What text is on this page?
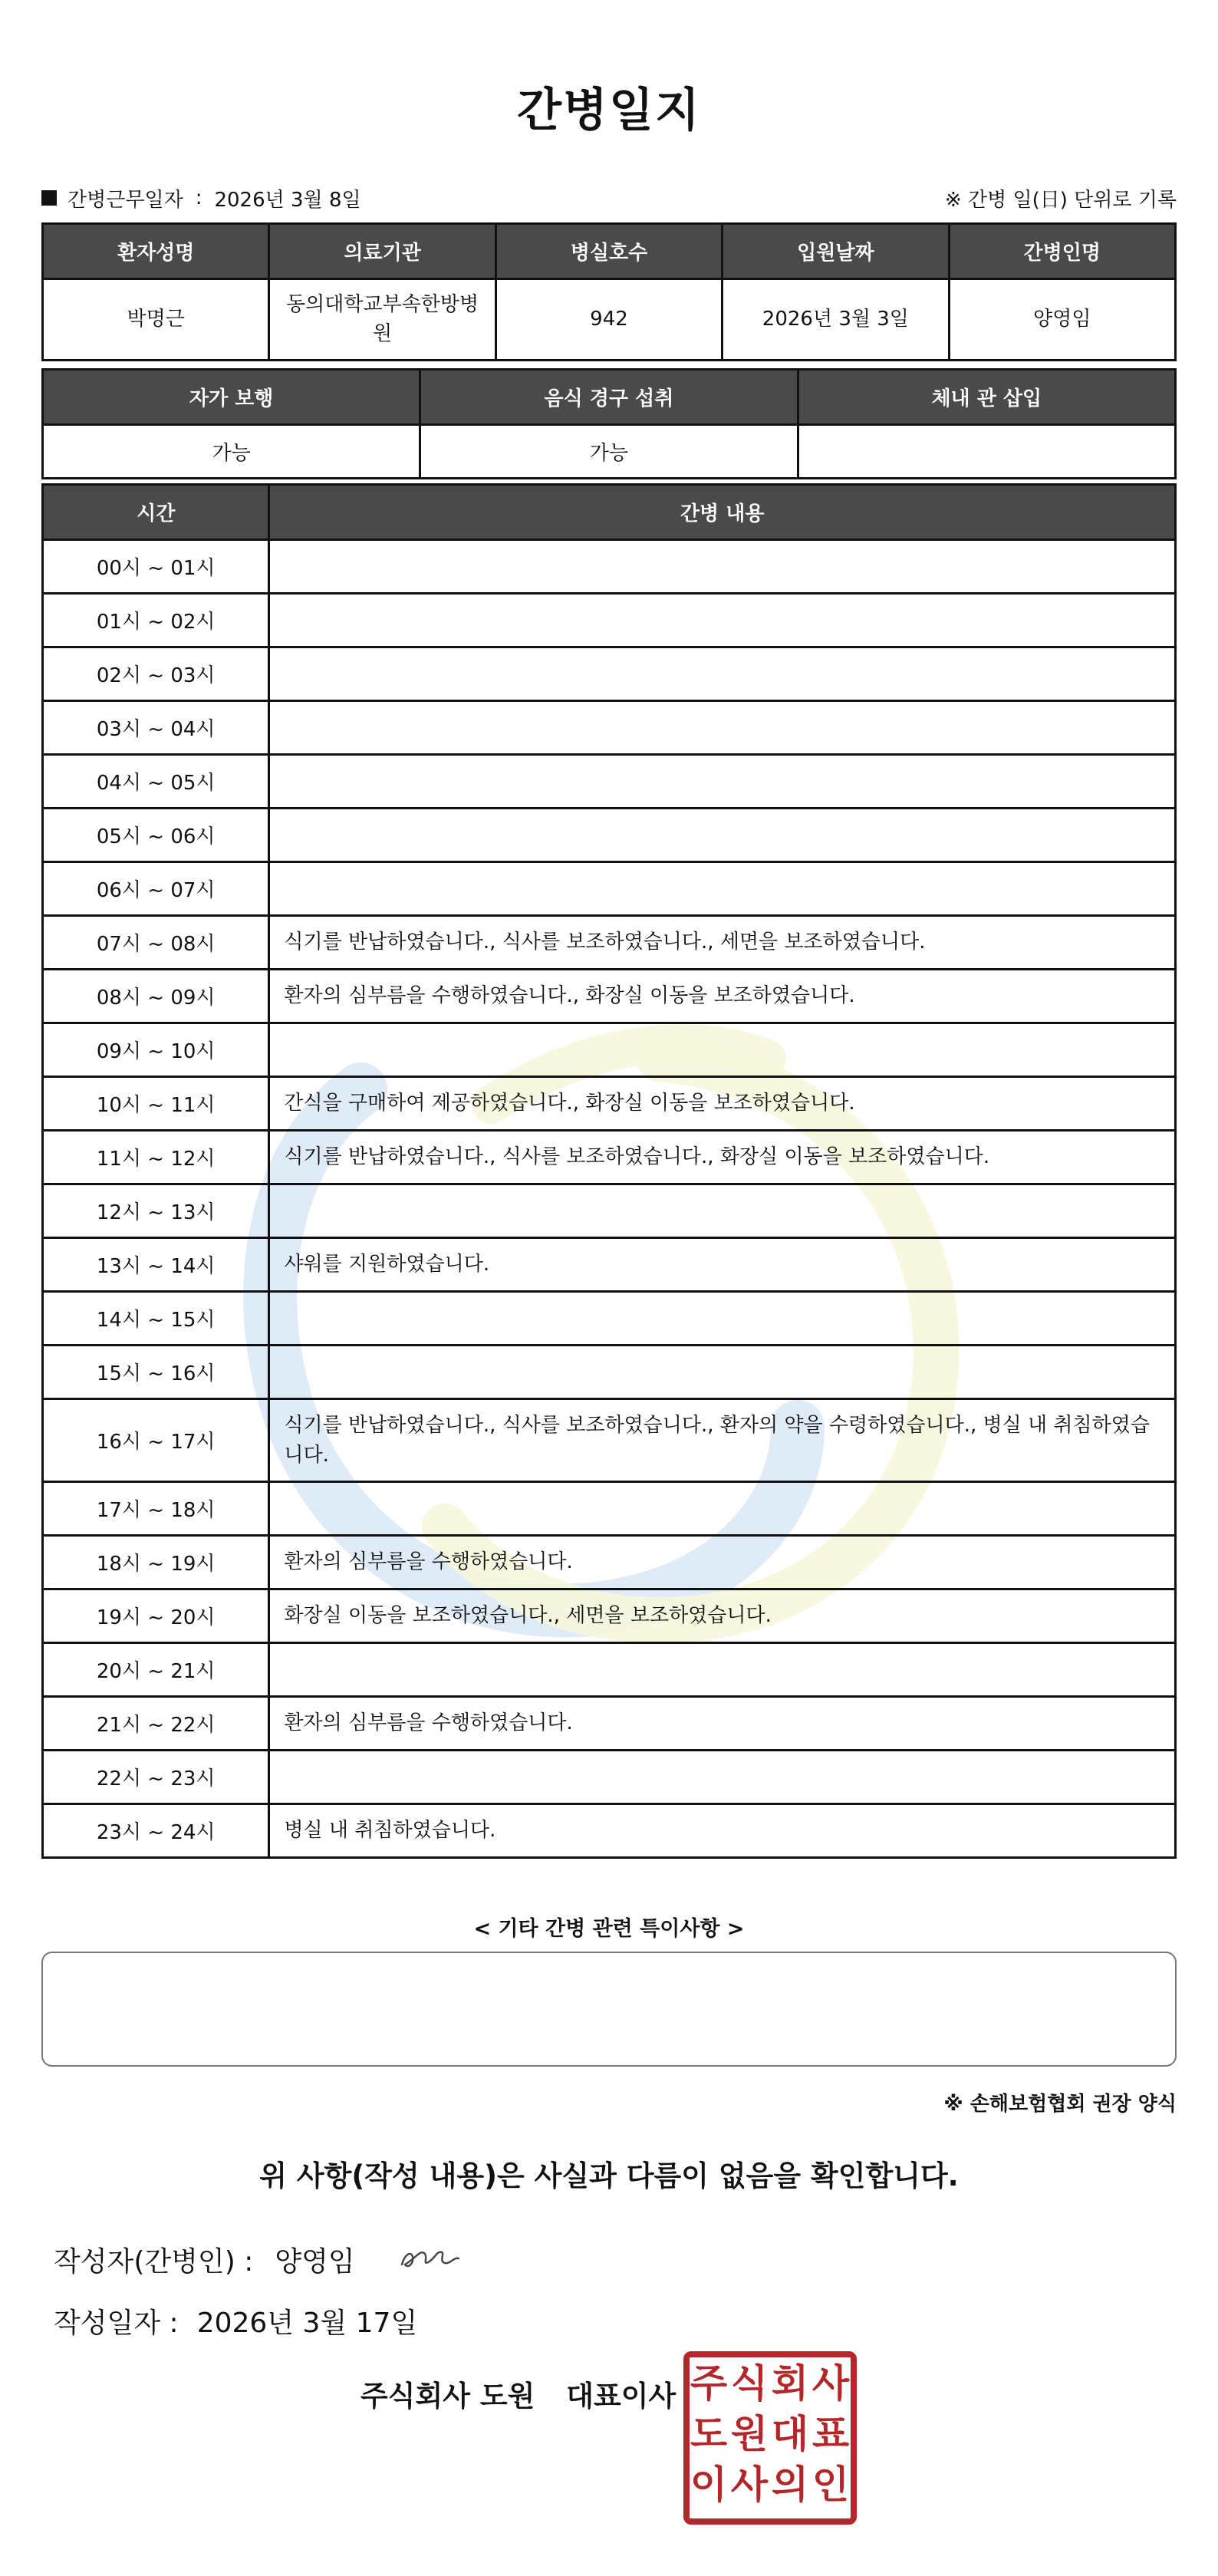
간병일지
간병근무일자 : 2026년 3월 8일	※ 간병 일(日) 단위로 기록
환자성명	의료기관	병실호수	입원날짜	간병인명
박명근	동의대학교부속한방병원	942	2026년 3월 3일	양영임
자가 보행	음식 경구 섭취	체내 관 삽입
가능	가능	
시간	간병 내용
00시 ~ 01시	
01시 ~ 02시	
02시 ~ 03시	
03시 ~ 04시	
04시 ~ 05시	
05시 ~ 06시	
06시 ~ 07시	
07시 ~ 08시	식기를 반납하였습니다., 식사를 보조하였습니다., 세면을 보조하였습니다.
08시 ~ 09시	환자의 심부름을 수행하였습니다., 화장실 이동을 보조하였습니다.
09시 ~ 10시	
10시 ~ 11시	간식을 구매하여 제공하였습니다., 화장실 이동을 보조하였습니다.
11시 ~ 12시	식기를 반납하였습니다., 식사를 보조하였습니다., 화장실 이동을 보조하였습니다.
12시 ~ 13시	
13시 ~ 14시	샤워를 지원하였습니다.
14시 ~ 15시	
15시 ~ 16시	
16시 ~ 17시	식기를 반납하였습니다., 식사를 보조하였습니다., 환자의 약을 수령하였습니다., 병실 내 취침하였습니다.
17시 ~ 18시	
18시 ~ 19시	환자의 심부름을 수행하였습니다.
19시 ~ 20시	화장실 이동을 보조하였습니다., 세면을 보조하였습니다.
20시 ~ 21시	
21시 ~ 22시	환자의 심부름을 수행하였습니다.
22시 ~ 23시	
23시 ~ 24시	병실 내 취침하였습니다.
< 기타 간병 관련 특이사항 >
※ 손해보험협회 권장 양식
위 사항(작성 내용)은 사실과 다름이 없음을 확인합니다.
작성자(간병인) : 양영임
작성일자 : 2026년 3월 17일
주식회사 도원 대표이사 주 식 회 사
도 원 대 표
이 사 의 인
